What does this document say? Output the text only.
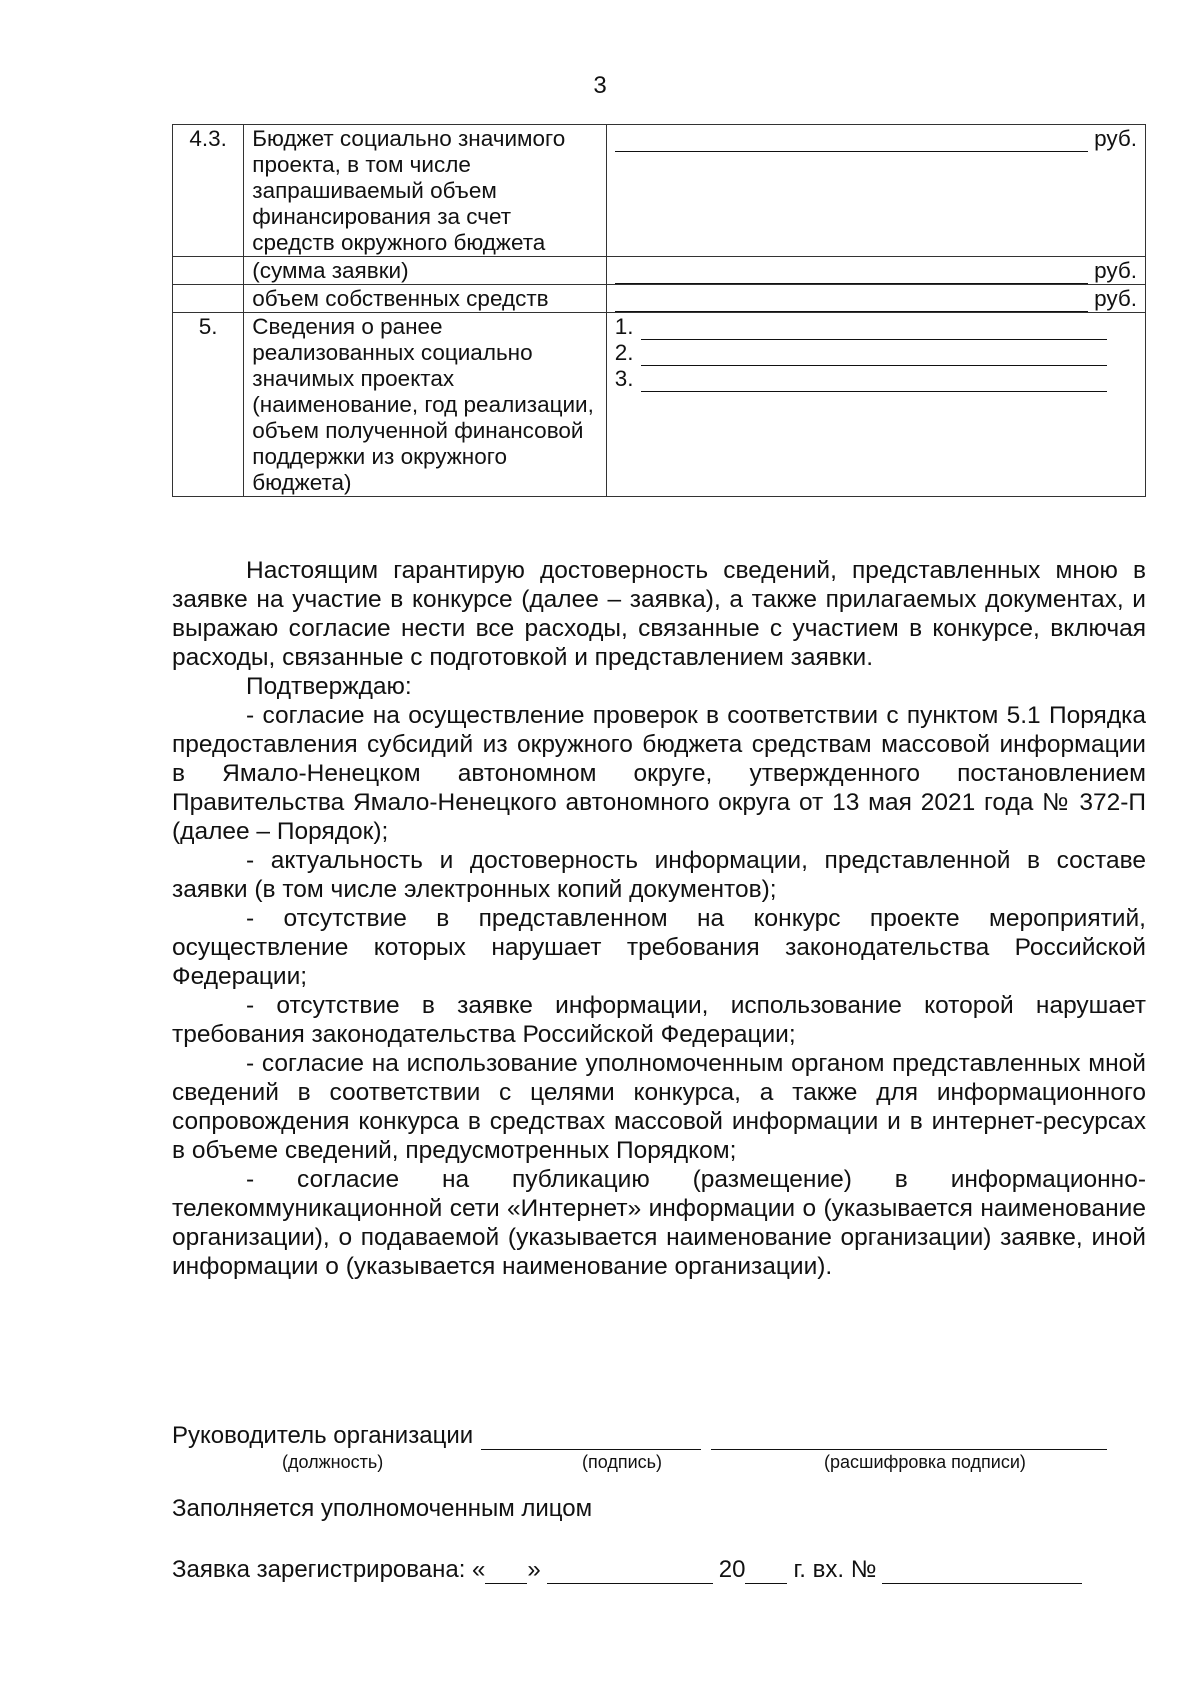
3
4.3.	Бюджет социально значимого проекта, в том числе запрашиваемый объем финансирования за счет средств окружного бюджета	руб.

	(сумма заявки)	руб.

	объем собственных средств	руб.

5.	Сведения о ранее реализованных социально значимых проектах (наименование, год реализации, объем полученной финансовой поддержки из окружного бюджета)	1.
2.
3.

Настоящим гарантирую достоверность сведений, представленных мною в заявке на участие в конкурсе (далее – заявка), а также прилагаемых документах, и выражаю согласие нести все расходы, связанные с участием в конкурсе, включая расходы, связанные с подготовкой и представлением заявки.

Подтверждаю:

- согласие на осуществление проверок в соответствии с пунктом 5.1 Порядка предоставления субсидий из окружного бюджета средствам массовой информации в Ямало-Ненецком автономном округе, утвержденного постановлением Правительства Ямало-Ненецкого автономного округа от 13 мая 2021 года № 372-П (далее – Порядок);

- актуальность и достоверность информации, представленной в составе заявки (в том числе электронных копий документов);

- отсутствие в представленном на конкурс проекте мероприятий, осуществление которых нарушает требования законодательства Российской Федерации;

- отсутствие в заявке информации, использование которой нарушает требования законодательства Российской Федерации;

- согласие на использование уполномоченным органом представленных мной сведений в соответствии с целями конкурса, а также для информационного сопровождения конкурса в средствах массовой информации и в интернет-ресурсах в объеме сведений, предусмотренных Порядком;

- согласие на публикацию (размещение) в информационно-телекоммуникационной сети «Интернет» информации о (указывается наименование организации), о подаваемой (указывается наименование организации) заявке, иной информации о (указывается наименование организации).

Руководитель организации
(должность)	(подпись)	(расшифровка подписи)
Заполняется уполномоченным лицом
Заявка зарегистрирована: « »	20 г. вх. №
